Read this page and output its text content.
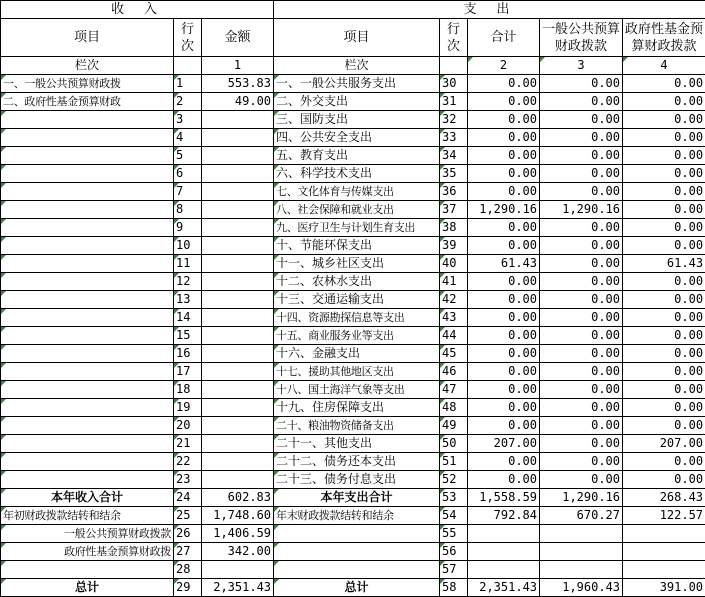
收 入			支 出				
项目	行次	金额	项目	行次	合计	一般公共预算财政拨款	政府性基金预算财政拨款
栏次		1	栏次		2	3	4
一、一般公共预算财政拨	1	553.83	一、一般公共服务支出	30	0.00	0.00	0.00
二、政府性基金预算财政	2	49.00	二、外交支出	31	0.00	0.00	0.00
	3		三、国防支出	32	0.00	0.00	0.00
	4		四、公共安全支出	33	0.00	0.00	0.00
	5		五、教育支出	34	0.00	0.00	0.00
	6		六、科学技术支出	35	0.00	0.00	0.00
	7		七、文化体育与传媒支出	36	0.00	0.00	0.00
	8		八、社会保障和就业支出	37	1,290.16	1,290.16	0.00
	9		九、医疗卫生与计划生育支出	38	0.00	0.00	0.00
	10		十、节能环保支出	39	0.00	0.00	0.00
	11		十一、城乡社区支出	40	61.43	0.00	61.43
	12		十二、农林水支出	41	0.00	0.00	0.00
	13		十三、交通运输支出	42	0.00	0.00	0.00
	14		十四、资源勘探信息等支出	43	0.00	0.00	0.00
	15		十五、商业服务业等支出	44	0.00	0.00	0.00
	16		十六、金融支出	45	0.00	0.00	0.00
	17		十七、援助其他地区支出	46	0.00	0.00	0.00
	18		十八、国土海洋气象等支出	47	0.00	0.00	0.00
	19		十九、住房保障支出	48	0.00	0.00	0.00
	20		二十、粮油物资储备支出	49	0.00	0.00	0.00
	21		二十一、其他支出	50	207.00	0.00	207.00
	22		二十二、债务还本支出	51	0.00	0.00	0.00
	23		二十三、债务付息支出	52	0.00	0.00	0.00
本年收入合计	24	602.83	本年支出合计	53	1,558.59	1,290.16	268.43
年初财政拨款结转和结余	25	1,748.60	年末财政拨款结转和结余	54	792.84	670.27	122.57
一般公共预算财政拨款	26	1,406.59		55			
政府性基金预算财政拨	27	342.00		56			
	28			57			
总计	29	2,351.43	总计	58	2,351.43	1,960.43	391.00
